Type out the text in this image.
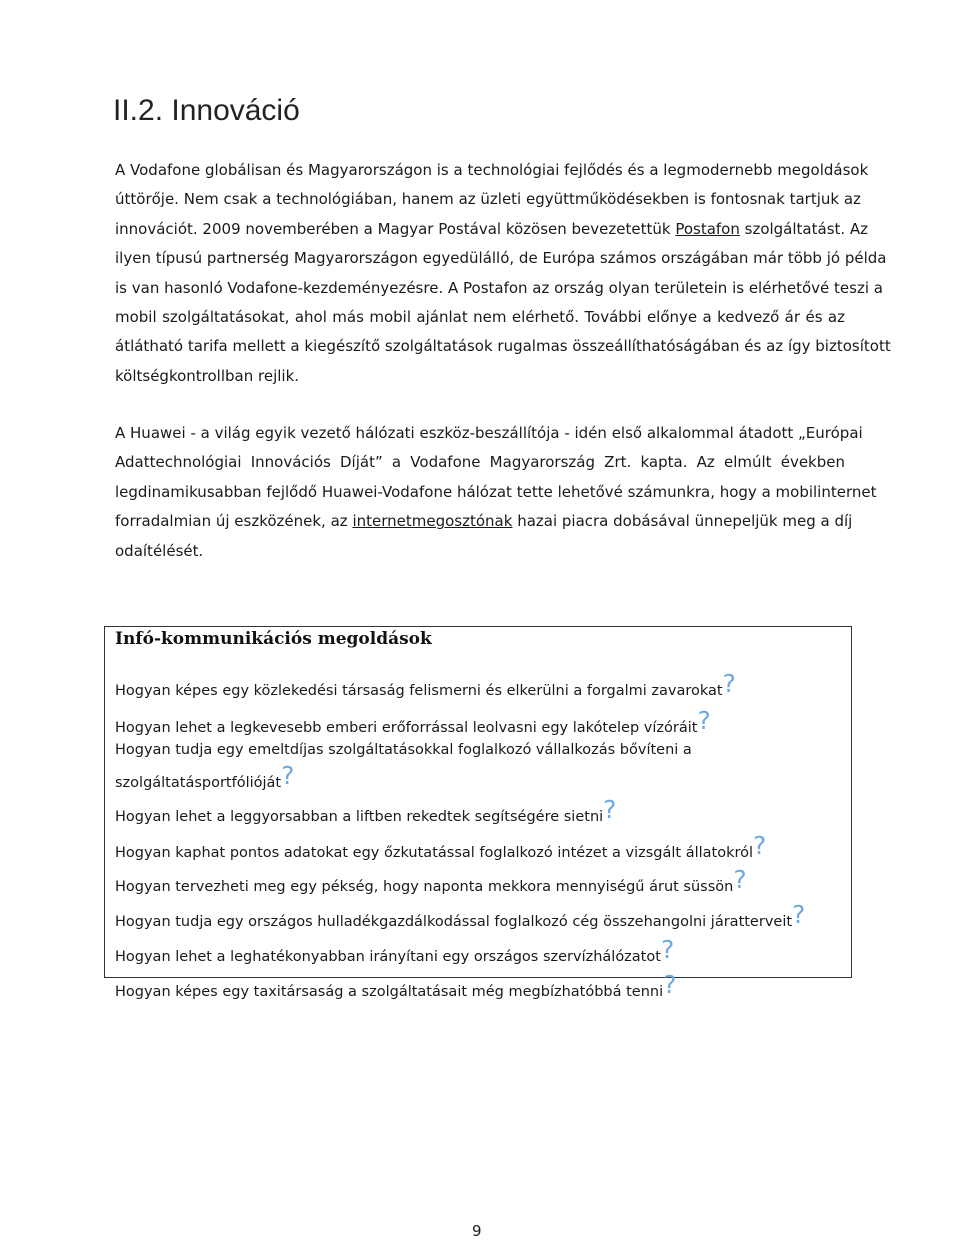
II.2. Innováció
A Vodafone globálisan és Magyarországon is a technológiai fejlődés és a legmodernebb megoldások
úttörője. Nem csak a technológiában, hanem az üzleti együttműködésekben is fontosnak tartjuk az
innovációt. 2009 novemberében a Magyar Postával közösen bevezetettük Postafon szolgáltatást. Az
ilyen típusú partnerség Magyarországon egyedülálló, de Európa számos országában már több jó példa
is van hasonló Vodafone-kezdeményezésre. A Postafon az ország olyan területein is elérhetővé teszi a
mobil szolgáltatásokat, ahol más mobil ajánlat nem elérhető. További előnye a kedvező ár és az
átlátható tarifa mellett a kiegészítő szolgáltatások rugalmas összeállíthatóságában és az így biztosított
költségkontrollban rejlik.
A Huawei - a világ egyik vezető hálózati eszköz-beszállítója - idén első alkalommal átadott „Európai
Adattechnológiai Innovációs Díját” a Vodafone Magyarország Zrt. kapta. Az elmúlt években
legdinamikusabban fejlődő Huawei-Vodafone hálózat tette lehetővé számunkra, hogy a mobilinternet
forradalmian új eszközének, az internetmegosztónak hazai piacra dobásával ünnepeljük meg a díj
odaítélését.
Infó-kommunikációs megoldások
Hogyan képes egy közlekedési társaság felismerni és elkerülni a forgalmi zavarokat?
Hogyan lehet a legkevesebb emberi erőforrással leolvasni egy lakótelep vízóráit?
Hogyan tudja egy emeltdíjas szolgáltatásokkal foglalkozó vállalkozás bővíteni a
szolgáltatásportfólióját?
Hogyan lehet a leggyorsabban a liftben rekedtek segítségére sietni?
Hogyan kaphat pontos adatokat egy őzkutatással foglalkozó intézet a vizsgált állatokról?
Hogyan tervezheti meg egy pékség, hogy naponta mekkora mennyiségű árut süssön?
Hogyan tudja egy országos hulladékgazdálkodással foglalkozó cég összehangolni járatterveit?
Hogyan lehet a leghatékonyabban irányítani egy országos szervízhálózatot?
Hogyan képes egy taxitársaság a szolgáltatásait még megbízhatóbbá tenni?
9
